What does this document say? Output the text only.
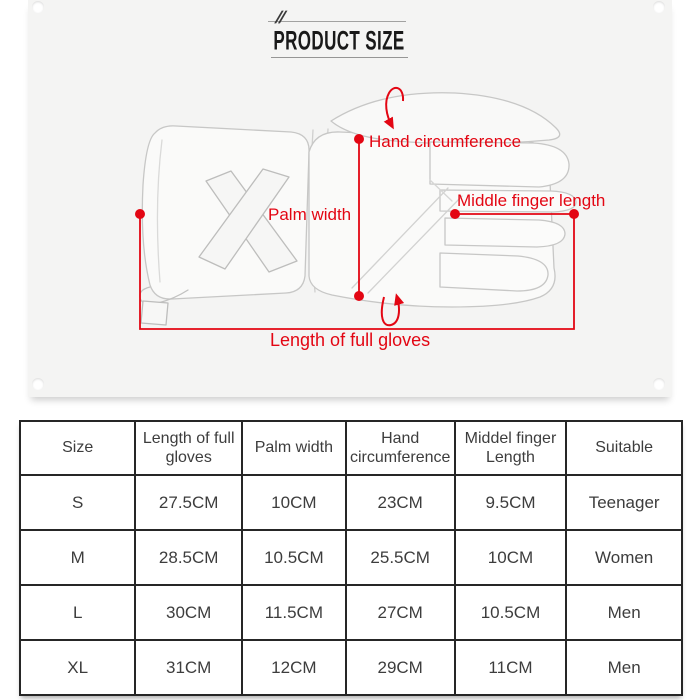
//
PRODUCT SIZE
Hand circumference
Middle finger length
Palm width
Length of full gloves
Size	Length of full gloves	Palm width	Hand circumference	Middel finger Length	Suitable
S	27.5CM	10CM	23CM	9.5CM	Teenager
M	28.5CM	10.5CM	25.5CM	10CM	Women
L	30CM	11.5CM	27CM	10.5CM	Men
XL	31CM	12CM	29CM	11CM	Men
